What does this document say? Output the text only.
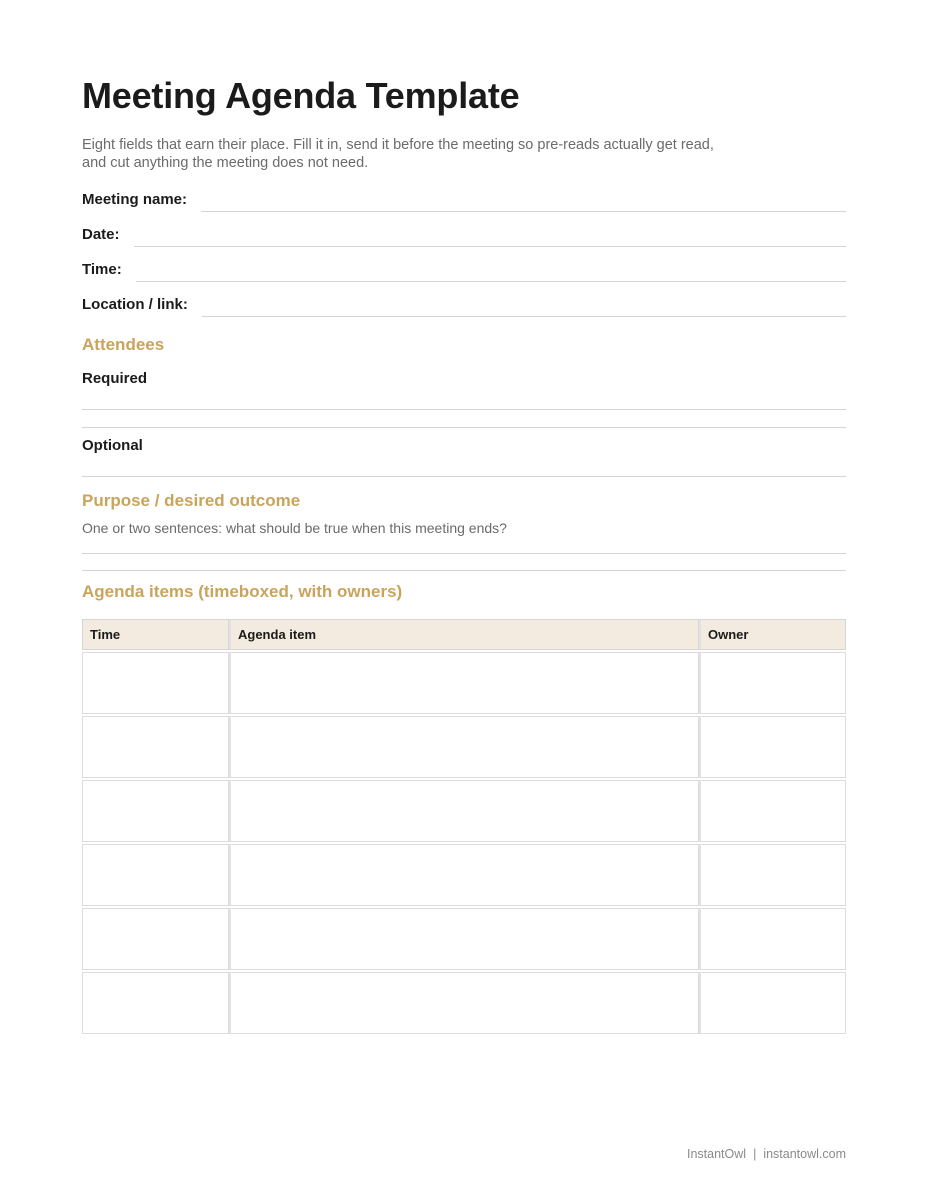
Meeting Agenda Template

Eight fields that earn their place. Fill it in, send it before the meeting so pre-reads actually get read,
and cut anything the meeting does not need.

Meeting name:
Date:
Time:
Location / link:
Attendees
Required
Optional
Purpose / desired outcome
One or two sentences: what should be true when this meeting ends?
Agenda items (timeboxed, with owners)
Time	Agenda item	Owner

InstantOwl | instantowl.com
